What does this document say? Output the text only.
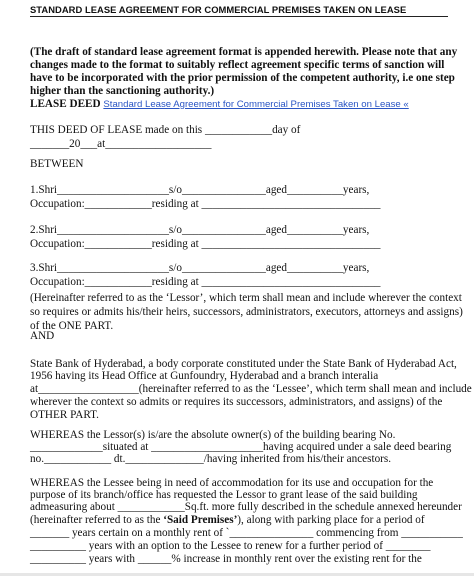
STANDARD LEASE AGREEMENT FOR COMMERCIAL PREMISES TAKEN ON LEASE
(The draft of standard lease agreement format is appended herewith. Please note that any
changes made to the format to suitably reflect agreement specific terms of sanction will
have to be incorporated with the prior permission of the competent authority, i.e one step
higher than the sanctioning authority.)
LEASE DEED Standard Lease Agreement for Commercial Premises Taken on Lease «
THIS DEED OF LEASE made on this ____________day of
_______20___at___________________
BETWEEN
1.Shri____________________s/o_______________aged__________years,
Occupation:____________residing at ________________________________
2.Shri____________________s/o_______________aged__________years,
Occupation:____________residing at ________________________________
3.Shri____________________s/o_______________aged__________years,
Occupation:____________residing at ________________________________
(Hereinafter referred to as the ‘Lessor’, which term shall mean and include wherever the context
so requires or admits his/their heirs, successors, administrators, executors, attorneys and assigns)
of the ONE PART.
AND
State Bank of Hyderabad, a body corporate constituted under the State Bank of Hyderabad Act,
1956 having its Head Office at Gunfoundry, Hyderabad and a branch interalia
at__________________(hereinafter referred to as the ‘Lessee’, which term shall mean and include
wherever the context so admits or requires its successors, administrators, and assigns) of the
OTHER PART.
WHEREAS the Lessor(s) is/are the absolute owner(s) of the building bearing No.
_____________situated at ____________________having acquired under a sale deed bearing
no.____________ dt.______________/having inherited from his/their ancestors.
WHEREAS the Lessee being in need of accommodation for its use and occupation for the
purpose of its branch/office has requested the Lessor to grant lease of the said building
admeasuring about ____________Sq.ft. more fully described in the schedule annexed hereunder
(hereinafter referred to as the ‘Said Premises’), along with parking place for a period of
_______ years certain on a monthly rent of `_______________ commencing from ___________
__________ years with an option to the Lessee to renew for a further period of ________
__________ years with ______% increase in monthly rent over the existing rent for the
